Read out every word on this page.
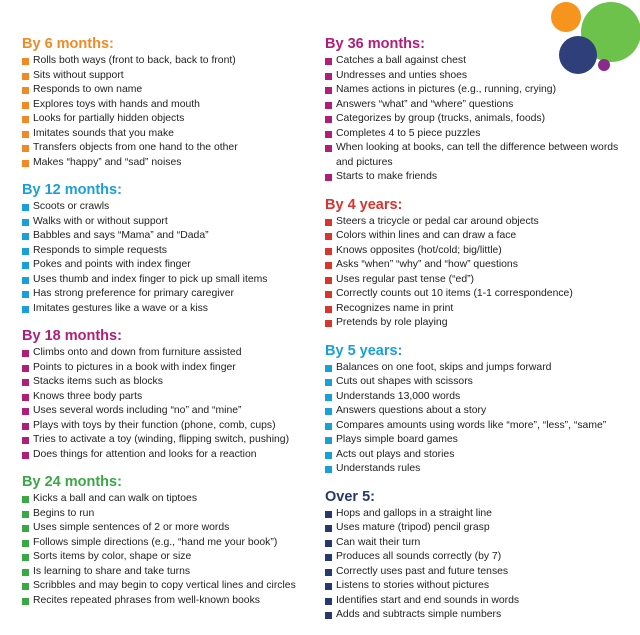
By 6 months:
Rolls both ways (front to back, back to front)
Sits without support
Responds to own name
Explores toys with hands and mouth
Looks for partially hidden objects
Imitates sounds that you make
Transfers objects from one hand to the other
Makes “happy” and “sad” noises
By 12 months:
Scoots or crawls
Walks with or without support
Babbles and says “Mama” and “Dada”
Responds to simple requests
Pokes and points with index finger
Uses thumb and index finger to pick up small items
Has strong preference for primary caregiver
Imitates gestures like a wave or a kiss
By 18 months:
Climbs onto and down from furniture assisted
Points to pictures in a book with index finger
Stacks items such as blocks
Knows three body parts
Uses several words including “no” and “mine”
Plays with toys by their function (phone, comb, cups)
Tries to activate a toy (winding, flipping switch, pushing)
Does things for attention and looks for a reaction
By 24 months:
Kicks a ball and can walk on tiptoes
Begins to run
Uses simple sentences of 2 or more words
Follows simple directions (e.g., “hand me your book”)
Sorts items by color, shape or size
Is learning to share and take turns
Scribbles and may begin to copy vertical lines and circles
Recites repeated phrases from well-known books
By 36 months:
Catches a ball against chest
Undresses and unties shoes
Names actions in pictures (e.g., running, crying)
Answers “what” and “where” questions
Categorizes by group (trucks, animals, foods)
Completes 4 to 5 piece puzzles
When looking at books, can tell the difference between words and pictures
Starts to make friends
By 4 years:
Steers a tricycle or pedal car around objects
Colors within lines and can draw a face
Knows opposites (hot/cold; big/little)
Asks “when” “why” and “how” questions
Uses regular past tense (“ed”)
Correctly counts out 10 items (1-1 correspondence)
Recognizes name in print
Pretends by role playing
By 5 years:
Balances on one foot, skips and jumps forward
Cuts out shapes with scissors
Understands 13,000 words
Answers questions about a story
Compares amounts using words like “more”, “less”, “same”
Plays simple board games
Acts out plays and stories
Understands rules
Over 5:
Hops and gallops in a straight line
Uses mature (tripod) pencil grasp
Can wait their turn
Produces all sounds correctly (by 7)
Correctly uses past and future tenses
Listens to stories without pictures
Identifies start and end sounds in words
Adds and subtracts simple numbers
